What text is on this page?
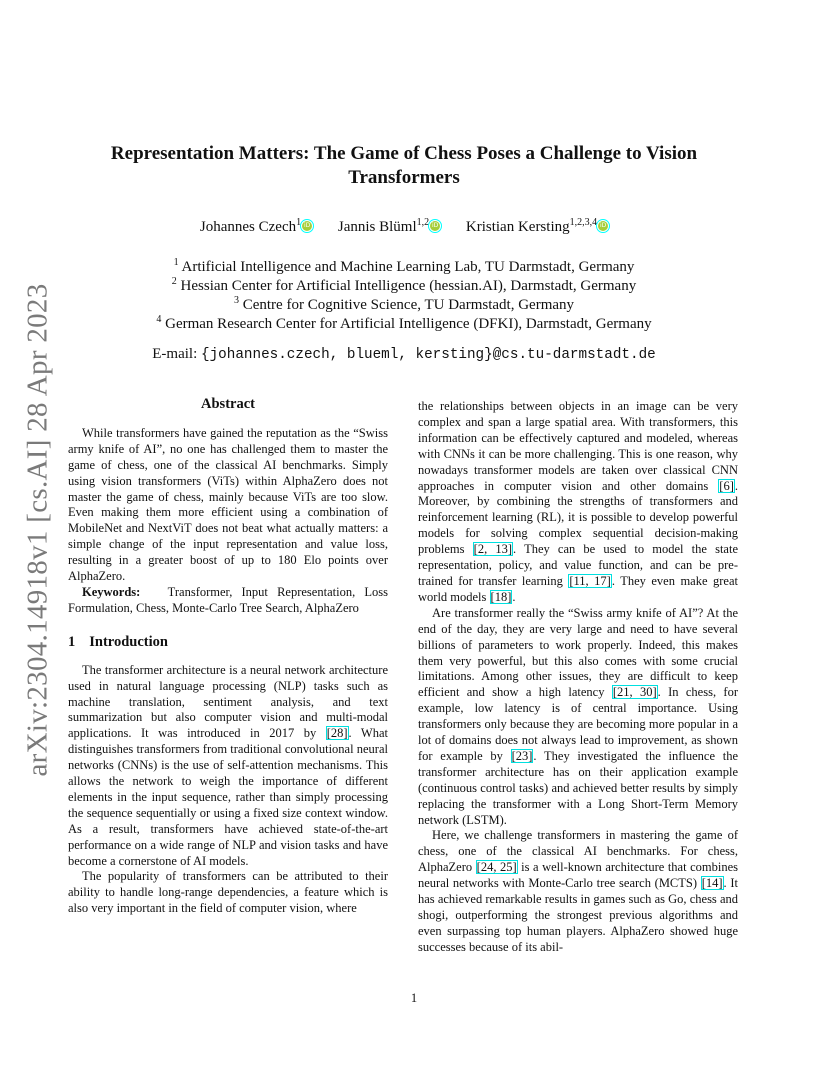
arXiv:2304.14918v1 [cs.AI] 28 Apr 2023
Representation Matters: The Game of Chess Poses a Challenge to Vision Transformers
Johannes Czech$^1$ iD Jannis Blüml$^{1,2}$ iD Kristian Kersting$^{1,2,3,4}$ iD
$^1$ Artificial Intelligence and Machine Learning Lab, TU Darmstadt, Germany
$^2$ Hessian Center for Artificial Intelligence (hessian.AI), Darmstadt, Germany
$^3$ Centre for Cognitive Science, TU Darmstadt, Germany
$^4$ German Research Center for Artificial Intelligence (DFKI), Darmstadt, Germany
E-mail: {johannes.czech, blueml, kersting}@cs.tu-darmstadt.de
Abstract

While transformers have gained the reputation as the “Swiss army knife of AI”, no one has challenged them to master the game of chess, one of the classical AI benchmarks. Simply using vision transformers (ViTs) within AlphaZero does not master the game of chess, mainly because ViTs are too slow. Even making them more efficient using a combination of MobileNet and NextViT does not beat what actually matters: a simple change of the input representation and value loss, resulting in a greater boost of up to 180 Elo points over AlphaZero.

Keywords: Transformer, Input Representation, Loss Formulation, Chess, Monte-Carlo Tree Search, AlphaZero

1 Introduction

The transformer architecture is a neural network architecture used in natural language processing (NLP) tasks such as machine translation, sentiment analysis, and text summarization but also computer vision and multi-modal applications. It was introduced in 2017 by [28]. What distinguishes transformers from traditional convolutional neural networks (CNNs) is the use of self-attention mechanisms. This allows the network to weigh the importance of different elements in the input sequence, rather than simply processing the sequence sequentially or using a fixed size context window. As a result, transformers have achieved state-of-the-art performance on a wide range of NLP and vision tasks and have become a cornerstone of AI models.

The popularity of transformers can be attributed to their ability to handle long-range dependencies, a feature which is also very important in the field of computer vision, where

the relationships between objects in an image can be very complex and span a large spatial area. With transformers, this information can be effectively captured and modeled, whereas with CNNs it can be more challenging. This is one reason, why nowadays transformer models are taken over classical CNN approaches in computer vision and other domains [6]. Moreover, by combining the strengths of transformers and reinforcement learning (RL), it is possible to develop powerful models for solving complex sequential decision-making problems [2, 13]. They can be used to model the state representation, policy, and value function, and can be pre-trained for transfer learning [11, 17]. They even make great world models [18].

Are transformer really the “Swiss army knife of AI”? At the end of the day, they are very large and need to have several billions of parameters to work properly. Indeed, this makes them very powerful, but this also comes with some crucial limitations. Among other issues, they are difficult to keep efficient and show a high latency [21, 30]. In chess, for example, low latency is of central importance. Using transformers only because they are becoming more popular in a lot of domains does not always lead to improvement, as shown for example by [23]. They investigated the influence the transformer architecture has on their application example (continuous control tasks) and achieved better results by simply replacing the transformer with a Long Short-Term Memory network (LSTM).

Here, we challenge transformers in mastering the game of chess, one of the classical AI benchmarks. For chess, AlphaZero [24, 25] is a well-known architecture that combines neural networks with Monte-Carlo tree search (MCTS) [14]. It has achieved remarkable results in games such as Go, chess and shogi, outperforming the strongest previous algorithms and even surpassing top human players. AlphaZero showed huge successes because of its abil-

1
